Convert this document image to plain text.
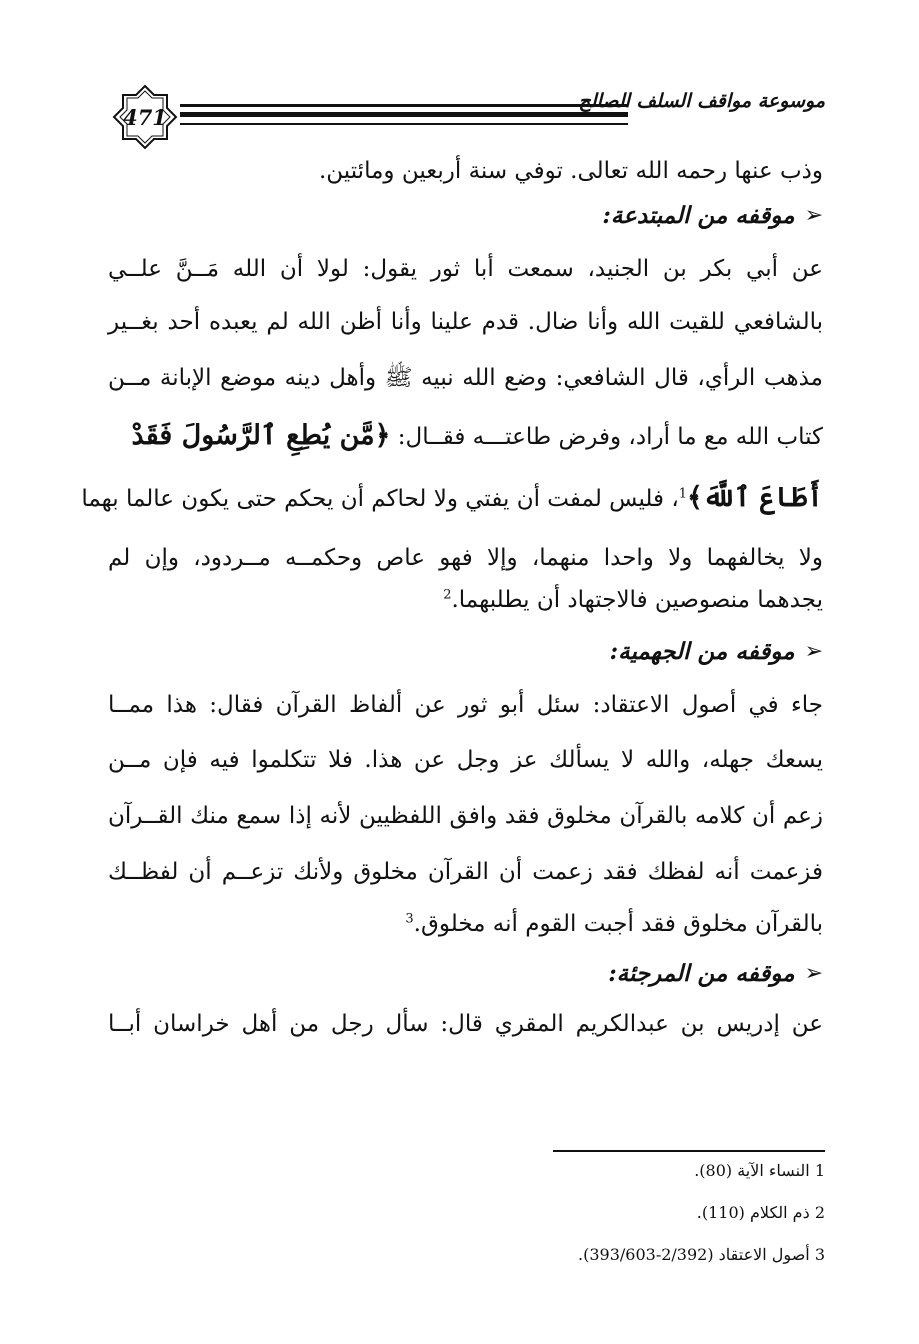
471
موسوعة مواقف السلف الصالح
وذب عنها رحمه الله تعالى. توفي سنة أربعين ومائتين.
➢
موقفه من المبتدعة:
عن أبي بكر بن الجنيد، سمعت أبا ثور يقول: لولا أن الله مَــنَّ علــي
بالشافعي للقيت الله وأنا ضال. قدم علينا وأنا أظن الله لم يعبده أحد بغــير
مذهب الرأي، قال الشافعي: وضع الله نبيه ﷺ وأهل دينه موضع الإبانة مــن
كتاب الله مع ما أراد، وفرض طاعتـــه فقــال: ﴿مَّن يُطِعِ ٱلرَّسُولَ فَقَدْ
أَطَاعَ ٱللَّهَ﴾$^1$، فليس لمفت أن يفتي ولا لحاكم أن يحكم حتى يكون عالما بهما
ولا يخالفهما ولا واحدا منهما، وإلا فهو عاص وحكمــه مــردود، وإن لم
يجدهما منصوصين فالاجتهاد أن يطلبهما.$^2$
➢
موقفه من الجهمية:
جاء في أصول الاعتقاد: سئل أبو ثور عن ألفاظ القرآن فقال: هذا ممــا
يسعك جهله، والله لا يسألك عز وجل عن هذا. فلا تتكلموا فيه فإن مــن
زعم أن كلامه بالقرآن مخلوق فقد وافق اللفظيين لأنه إذا سمع منك القــرآن
فزعمت أنه لفظك فقد زعمت أن القرآن مخلوق ولأنك تزعــم أن لفظــك
بالقرآن مخلوق فقد أجبت القوم أنه مخلوق.$^3$
➢
موقفه من المرجئة:
عن إدريس بن عبدالكريم المقري قال: سأل رجل من أهل خراسان أبــا
1 النساء الآية (80).
2 ذم الكلام (110).
3 أصول الاعتقاد (2/392-393/603).
